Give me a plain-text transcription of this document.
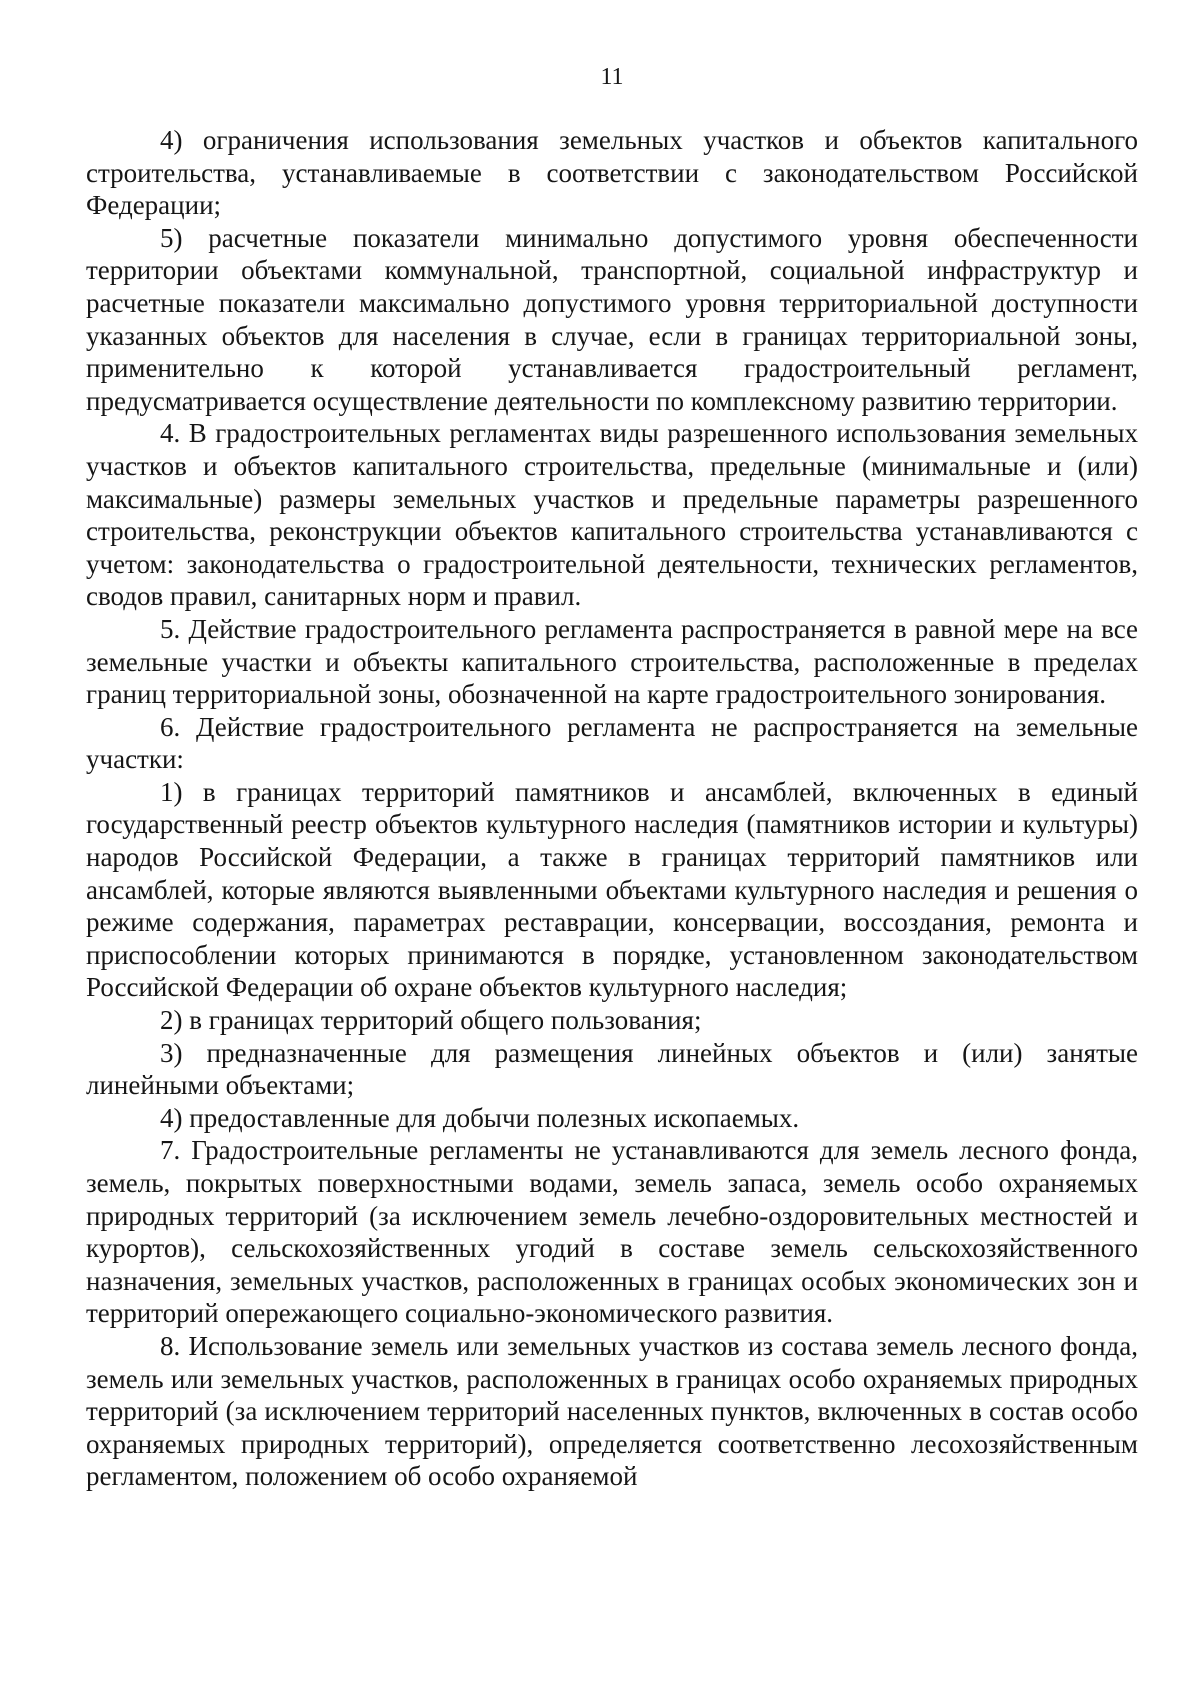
11

4) ограничения использования земельных участков и объектов капитального строительства, устанавливаемые в соответствии с законодательством Российской Федерации;

5) расчетные показатели минимально допустимого уровня обеспеченности территории объектами коммунальной, транспортной, социальной инфраструктур и расчетные показатели максимально допустимого уровня территориальной доступности указанных объектов для населения в случае, если в границах территориальной зоны, применительно к которой устанавливается градостроительный регламент, предусматривается осуществление деятельности по комплексному развитию территории.

4. В градостроительных регламентах виды разрешенного использования земельных участков и объектов капитального строительства, предельные (минимальные и (или) максимальные) размеры земельных участков и предельные параметры разрешенного строительства, реконструкции объектов капитального строительства устанавливаются с учетом: законодательства о градостроительной деятельности, технических регламентов, сводов правил, санитарных норм и правил.

5. Действие градостроительного регламента распространяется в равной мере на все земельные участки и объекты капитального строительства, расположенные в пределах границ территориальной зоны, обозначенной на карте градостроительного зонирования.

6. Действие градостроительного регламента не распространяется на земельные участки:

1) в границах территорий памятников и ансамблей, включенных в единый государственный реестр объектов культурного наследия (памятников истории и культуры) народов Российской Федерации, а также в границах территорий памятников или ансамблей, которые являются выявленными объектами культурного наследия и решения о режиме содержания, параметрах реставрации, консервации, воссоздания, ремонта и приспособлении которых принимаются в порядке, установленном законодательством Российской Федерации об охране объектов культурного наследия;

2) в границах территорий общего пользования;

3) предназначенные для размещения линейных объектов и (или) занятые линейными объектами;

4) предоставленные для добычи полезных ископаемых.

7. Градостроительные регламенты не устанавливаются для земель лесного фонда, земель, покрытых поверхностными водами, земель запаса, земель особо охраняемых природных территорий (за исключением земель лечебно-оздоровительных местностей и курортов), сельскохозяйственных угодий в составе земель сельскохозяйственного назначения, земельных участков, расположенных в границах особых экономических зон и территорий опережающего социально-экономического развития.

8. Использование земель или земельных участков из состава земель лесного фонда, земель или земельных участков, расположенных в границах особо охраняемых природных территорий (за исключением территорий населенных пунктов, включенных в состав особо охраняемых природных территорий), определяется соответственно лесохозяйственным регламентом, положением об особо охраняемой
